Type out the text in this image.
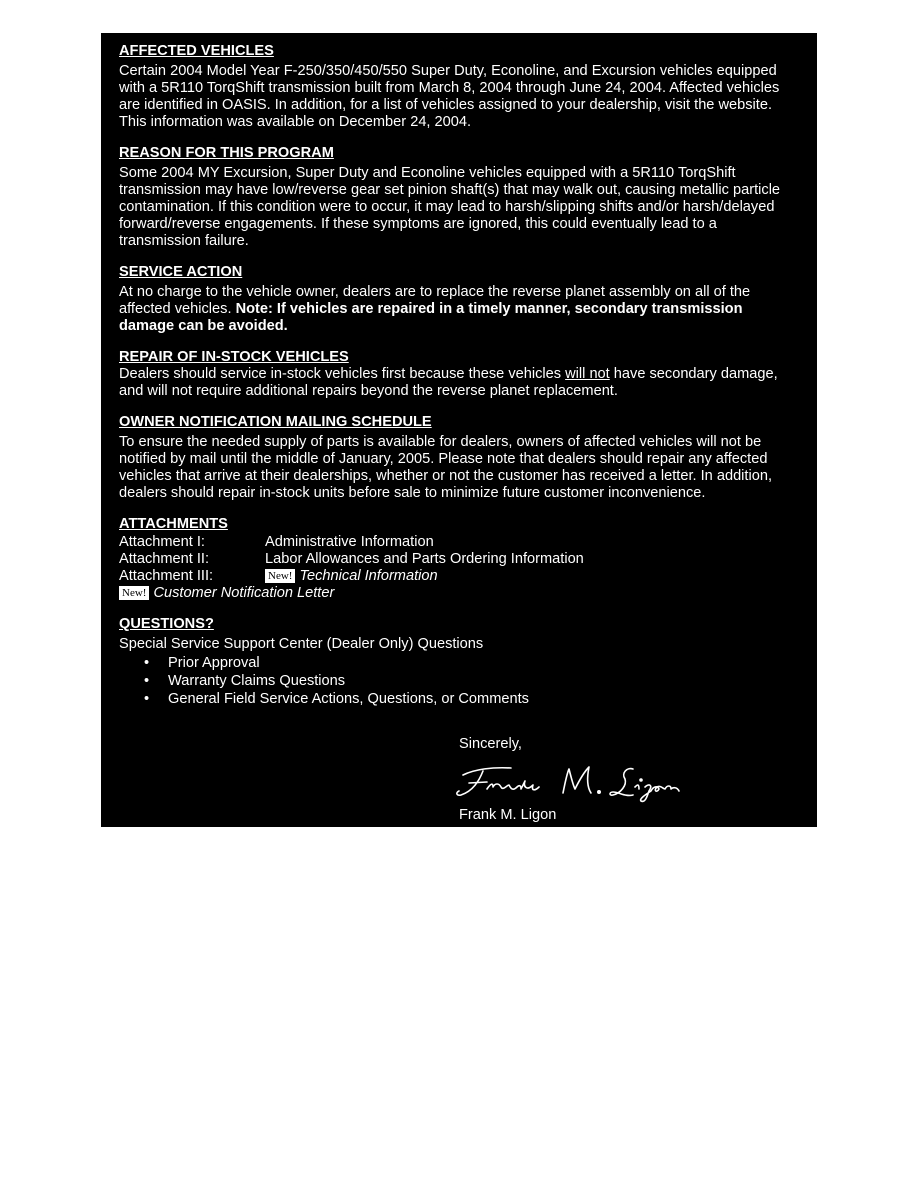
AFFECTED VEHICLES

Certain 2004 Model Year F-250/350/450/550 Super Duty, Econoline, and Excursion vehicles equipped with a 5R110 TorqShift transmission built from March 8, 2004 through June 24, 2004. Affected vehicles are identified in OASIS. In addition, for a list of vehicles assigned to your dealership, visit the website. This information was available on December 24, 2004.

REASON FOR THIS PROGRAM

Some 2004 MY Excursion, Super Duty and Econoline vehicles equipped with a 5R110 TorqShift transmission may have low/reverse gear set pinion shaft(s) that may walk out, causing metallic particle contamination. If this condition were to occur, it may lead to harsh/slipping shifts and/or harsh/delayed forward/reverse engagements. If these symptoms are ignored, this could eventually lead to a transmission failure.

SERVICE ACTION

At no charge to the vehicle owner, dealers are to replace the reverse planet assembly on all of the affected vehicles. Note: If vehicles are repaired in a timely manner, secondary transmission damage can be avoided.

REPAIR OF IN-STOCK VEHICLES

Dealers should service in-stock vehicles first because these vehicles will not have secondary damage, and will not require additional repairs beyond the reverse planet replacement.

OWNER NOTIFICATION MAILING SCHEDULE

To ensure the needed supply of parts is available for dealers, owners of affected vehicles will not be notified by mail until the middle of January, 2005. Please note that dealers should repair any affected vehicles that arrive at their dealerships, whether or not the customer has received a letter. In addition, dealers should repair in-stock units before sale to minimize future customer inconvenience.

ATTACHMENTS
Attachment I:	Administrative Information
Attachment II:	Labor Allowances and Parts Ordering Information
Attachment III:	New! Technical Information
New! Customer Notification Letter
QUESTIONS?

Special Service Support Center (Dealer Only) Questions

• Prior Approval
• Warranty Claims Questions
• General Field Service Actions, Questions, or Comments
Sincerely,
Frank M. Ligon
